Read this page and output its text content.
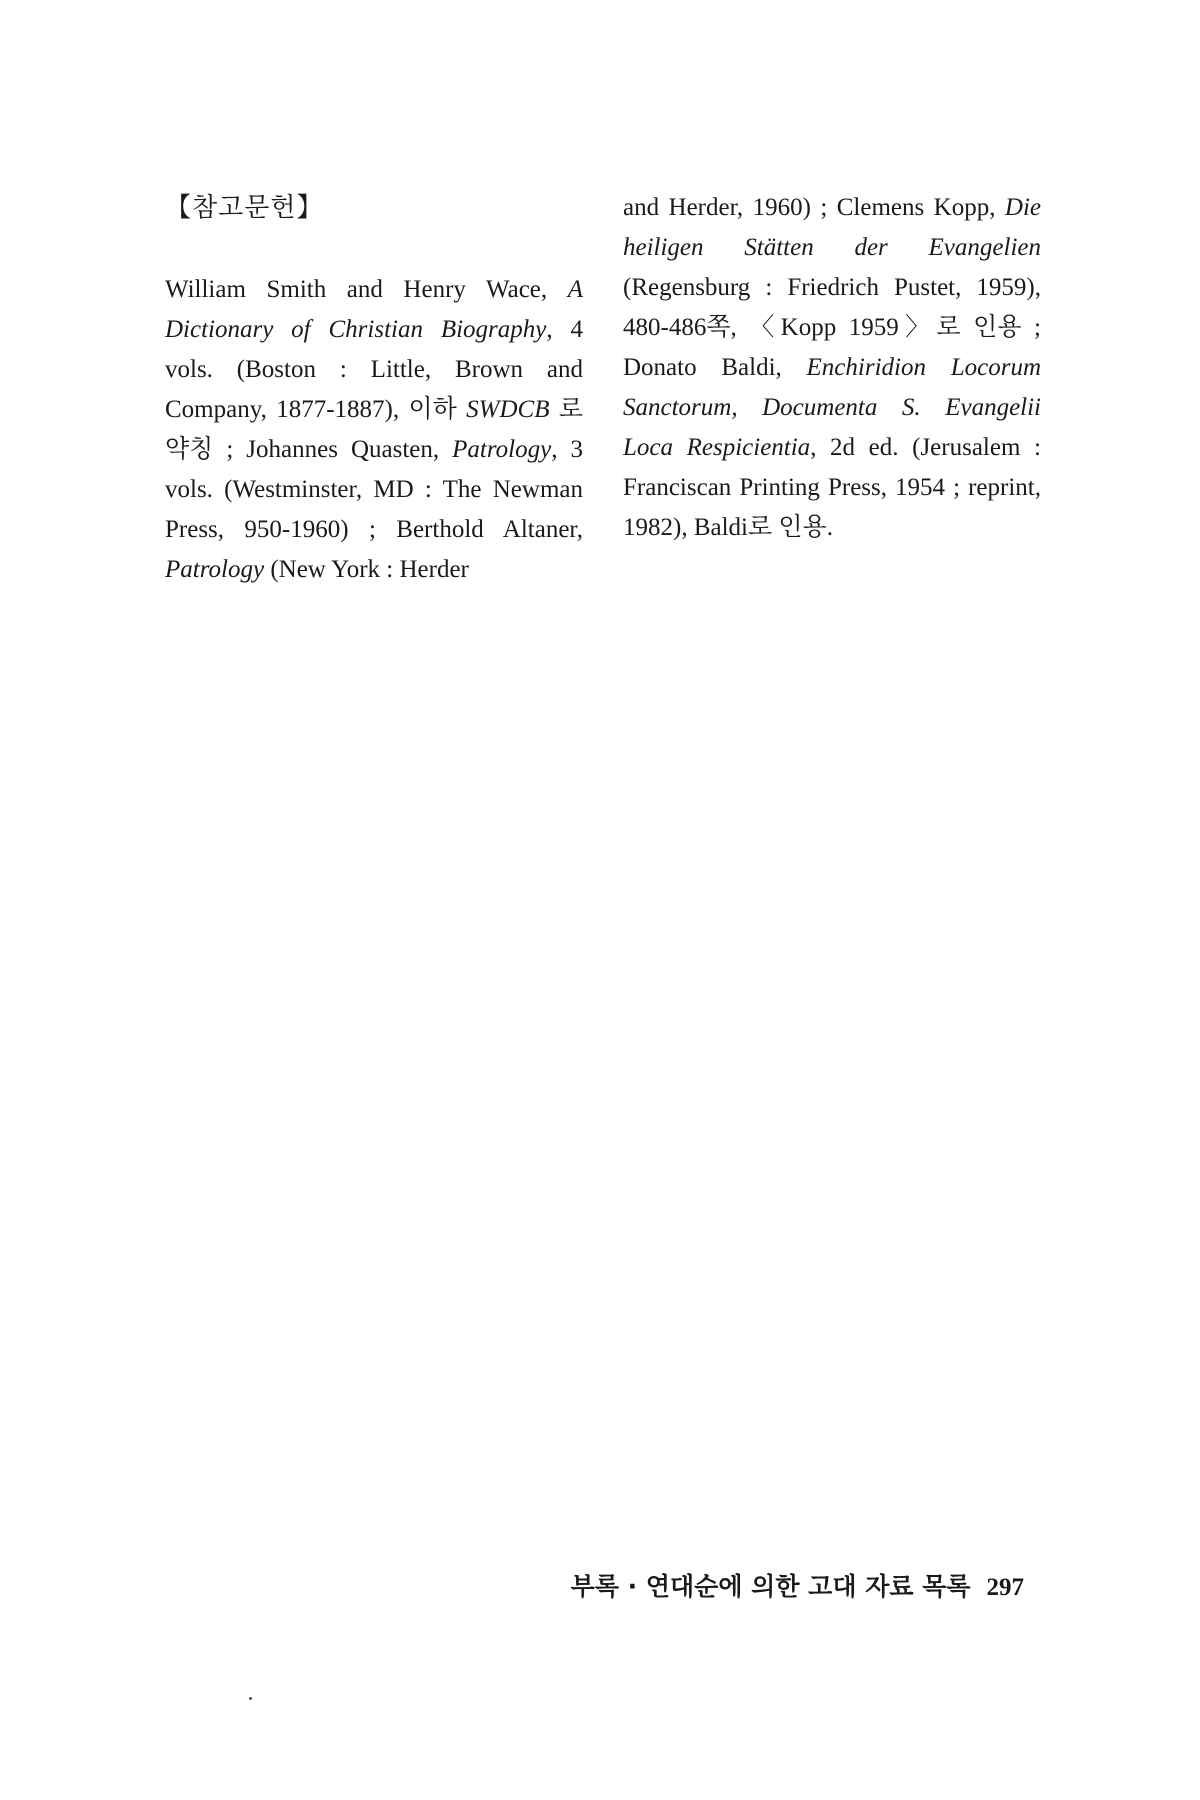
【참고문헌】

William Smith and Henry Wace, A Dictionary of Christian Biography, 4 vols. (Boston : Little, Brown and Company, 1877-1887), 이하 SWDCB 로 약칭 ; Johannes Quasten, Patrology, 3 vols. (Westminster, MD : The Newman Press, 950-1960) ; Berthold Altaner, Patrology (New York : Herder

and Herder, 1960) ; Clemens Kopp, Die heiligen Stätten der Evangelien (Regensburg : Friedrich Pustet, 1959), 480-486쪽, 〈Kopp 1959〉로 인용 ; Donato Baldi, Enchiridion Locorum Sanctorum, Documenta S. Evangelii Loca Respicientia, 2d ed. (Jerusalem : Franciscan Printing Press, 1954 ; reprint, 1982), Baldi로 인용.

부록 · 연대순에 의한 고대 자료 목록 297
